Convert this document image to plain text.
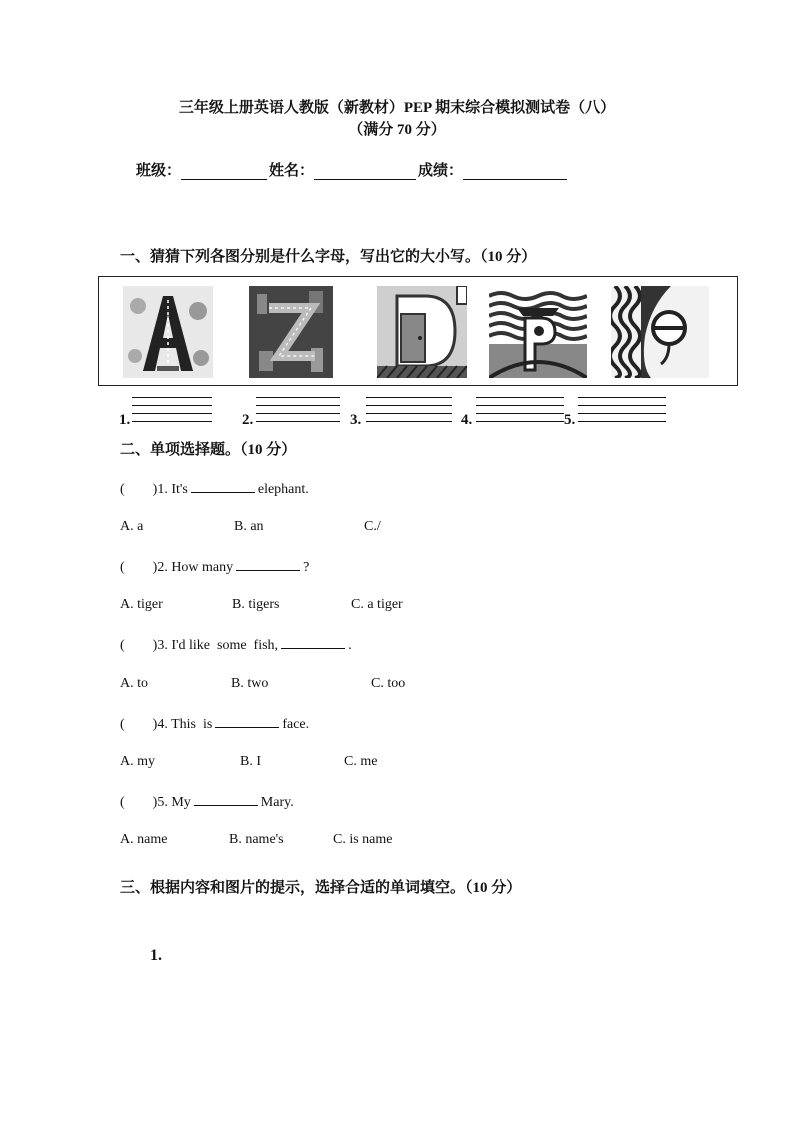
三年级上册英语人教版（新教材）PEP 期末综合模拟测试卷（八）
（满分 70 分）
班级：	姓名：	成绩：
一、猜猜下列各图分别是什么字母，写出它的大小写。（10 分）
1.	2.	3.	4.	5.
二、单项选择题。（10 分）
(        )1. It's	elephant.
A. a	B. an	C./
(        )2. How many	?
A. tiger	B. tigers	C. a tiger
(        )3. I'd like  some  fish,	.
A. to	B. two	C. too
(        )4. This  is	face.
A. my	B. I	C. me
(        )5. My	Mary.
A. name	B. name's	C. is name
三、根据内容和图片的提示，选择合适的单词填空。（10 分）
1.
